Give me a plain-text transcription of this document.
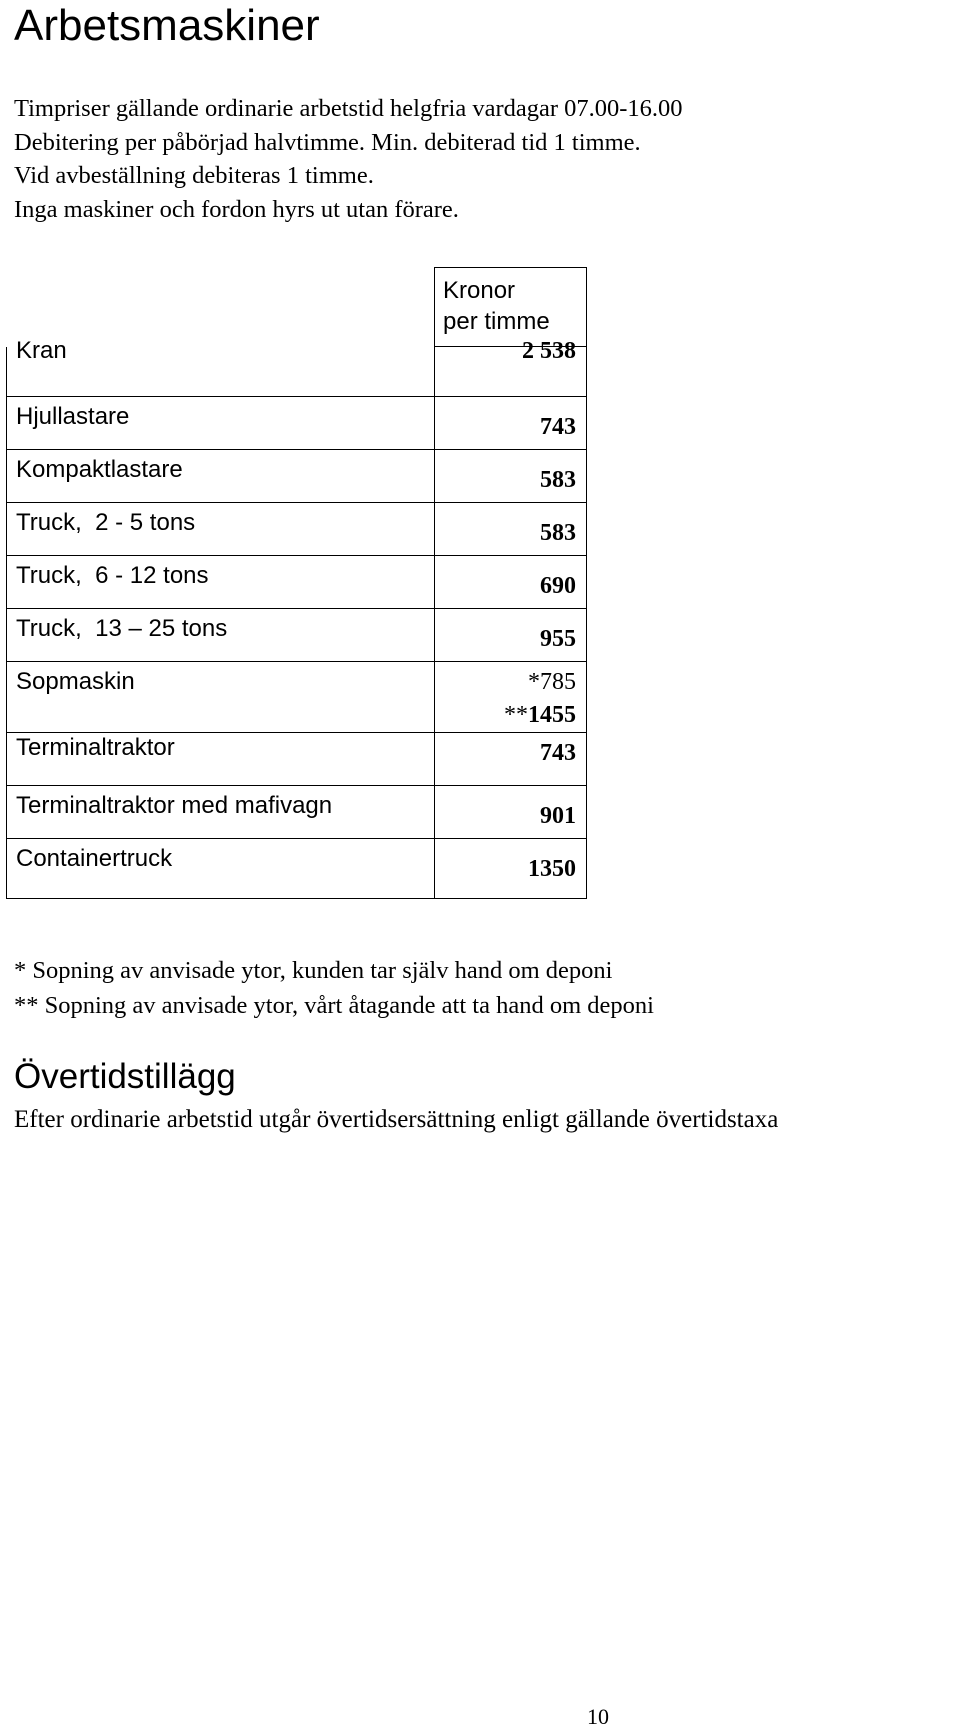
Arbetsmaskiner
Timpriser gällande ordinarie arbetstid helgfria vardagar 07.00-16.00
Debitering per påbörjad halvtimme. Min. debiterad tid 1 timme.
Vid avbeställning debiteras 1 timme.
Inga maskiner och fordon hyrs ut utan förare.

	Kronor
per timme

Kran	2 538

Hjullastare	743
Kompaktlastare	583
Truck,  2 - 5 tons	583
Truck,  6 - 12 tons	690
Truck,  13 – 25 tons	955
Sopmaskin	*785
**1455

Terminaltraktor	743
Terminaltraktor med mafivagn	901
Containertruck	1350
* Sopning av anvisade ytor, kunden tar själv hand om deponi
** Sopning av anvisade ytor, vårt åtagande att ta hand om deponi
Övertidstillägg
Efter ordinarie arbetstid utgår övertidsersättning enligt gällande övertidstaxa
10
